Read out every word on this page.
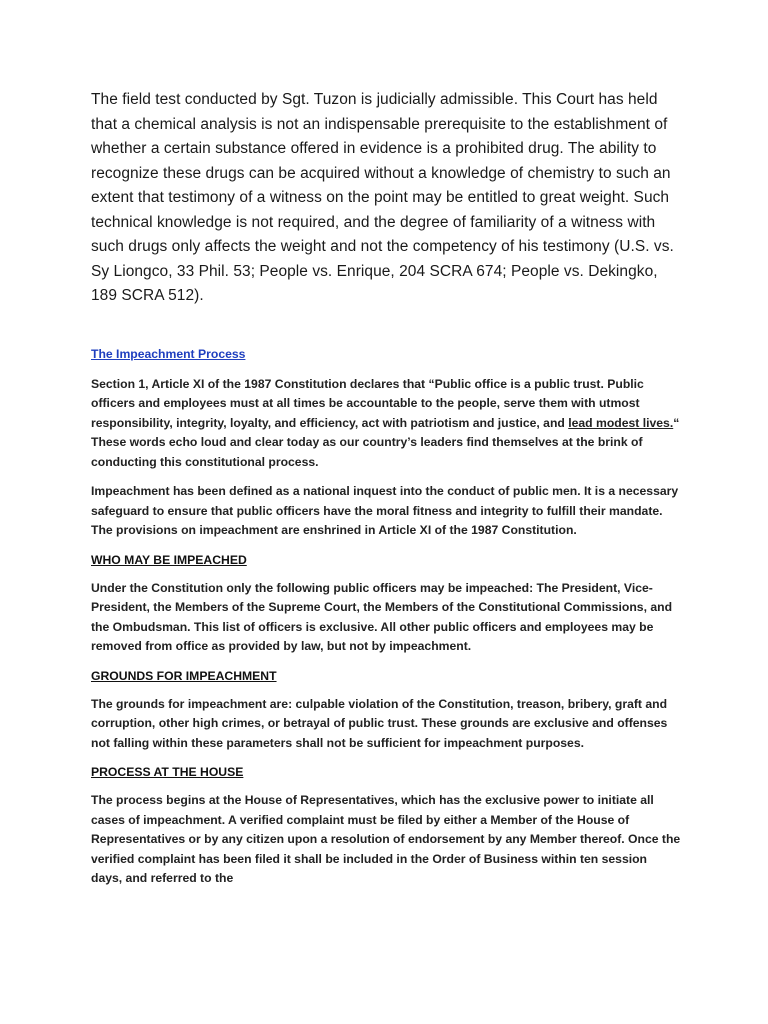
The field test conducted by Sgt. Tuzon is judicially admissible. This Court has held that a chemical analysis is not an indispensable prerequisite to the establishment of whether a certain substance offered in evidence is a prohibited drug. The ability to recognize these drugs can be acquired without a knowledge of chemistry to such an extent that testimony of a witness on the point may be entitled to great weight. Such technical knowledge is not required, and the degree of familiarity of a witness with such drugs only affects the weight and not the competency of his testimony (U.S. vs. Sy Liongco, 33 Phil. 53; People vs. Enrique, 204 SCRA 674; People vs. Dekingko, 189 SCRA 512).

The Impeachment Process

Section 1, Article XI of the 1987 Constitution declares that “Public office is a public trust. Public officers and employees must at all times be accountable to the people, serve them with utmost responsibility, integrity, loyalty, and efficiency, act with patriotism and justice, and lead modest lives.“ These words echo loud and clear today as our country’s leaders find themselves at the brink of conducting this constitutional process.

Impeachment has been defined as a national inquest into the conduct of public men. It is a necessary safeguard to ensure that public officers have the moral fitness and integrity to fulfill their mandate. The provisions on impeachment are enshrined in Article XI of the 1987 Constitution.

WHO MAY BE IMPEACHED

Under the Constitution only the following public officers may be impeached: The President, Vice-President, the Members of the Supreme Court, the Members of the Constitutional Commissions, and the Ombudsman. This list of officers is exclusive. All other public officers and employees may be removed from office as provided by law, but not by impeachment.

GROUNDS FOR IMPEACHMENT

The grounds for impeachment are: culpable violation of the Constitution, treason, bribery, graft and corruption, other high crimes, or betrayal of public trust. These grounds are exclusive and offenses not falling within these parameters shall not be sufficient for impeachment purposes.

PROCESS AT THE HOUSE

The process begins at the House of Representatives, which has the exclusive power to initiate all cases of impeachment. A verified complaint must be filed by either a Member of the House of Representatives or by any citizen upon a resolution of endorsement by any Member thereof. Once the verified complaint has been filed it shall be included in the Order of Business within ten session days, and referred to the
